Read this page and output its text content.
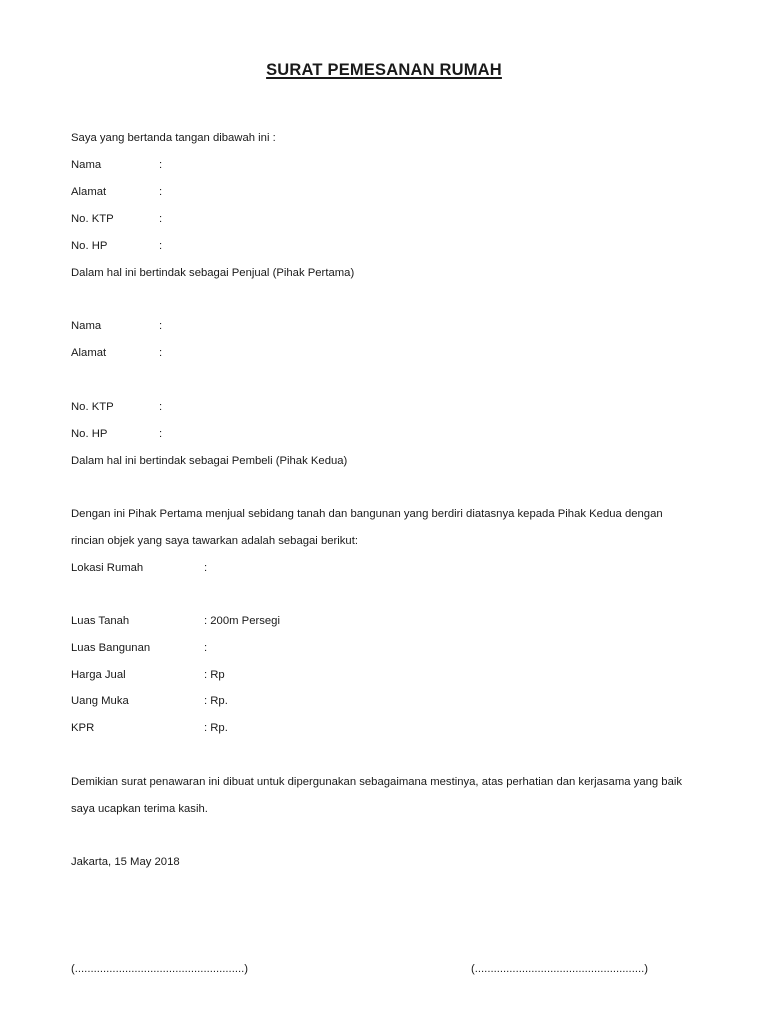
SURAT PEMESANAN RUMAH
Saya yang bertanda tangan dibawah ini :
Nama	:
Alamat	:
No. KTP	:
No. HP	:
Dalam hal ini bertindak sebagai Penjual (Pihak Pertama)
Nama	:
Alamat	:
No. KTP	:
No. HP	:
Dalam hal ini bertindak sebagai Pembeli (Pihak Kedua)
Dengan ini Pihak Pertama menjual sebidang tanah dan bangunan yang berdiri diatasnya kepada Pihak Kedua dengan
rincian objek yang saya tawarkan adalah sebagai berikut:
Lokasi Rumah	:
Luas Tanah	: 200m Persegi
Luas Bangunan	:
Harga Jual	: Rp
Uang Muka	: Rp.
KPR	: Rp.
Demikian surat penawaran ini dibuat untuk dipergunakan sebagaimana mestinya, atas perhatian dan kerjasama yang baik
saya ucapkan terima kasih.
Jakarta, 15 May 2018
(......................................................)	(......................................................)
